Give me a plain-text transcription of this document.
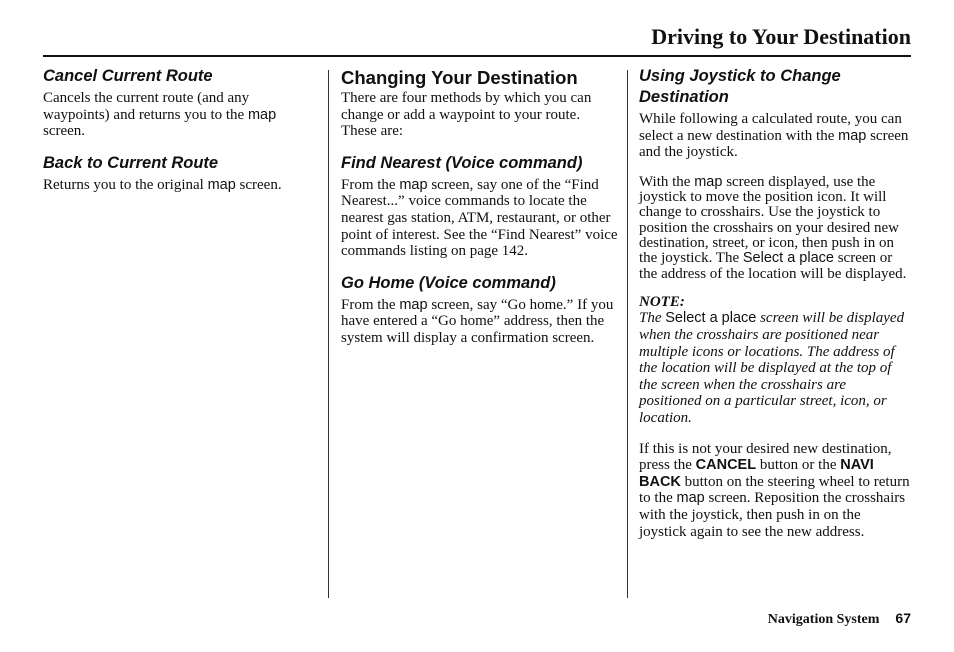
Driving to Your Destination
Cancel Current Route

Cancels the current route (and any waypoints) and returns you to the map screen.

Back to Current Route

Returns you to the original map screen.

Changing Your Destination

There are four methods by which you can change or add a waypoint to your route. These are:

Find Nearest (Voice command)

From the map screen, say one of the “Find Nearest...” voice commands to locate the nearest gas station, ATM, restaurant, or other point of interest. See the “Find Nearest” voice commands listing on page 142.

Go Home (Voice command)

From the map screen, say “Go home.” If you have entered a “Go home” address, then the system will display a confirmation screen.

Using Joystick to Change Destination

While following a calculated route, you can select a new destination with the map screen and the joystick.

With the map screen displayed, use the joystick to move the position icon. It will change to crosshairs. Use the joystick to position the crosshairs on your desired new destination, street, or icon, then push in on the joystick. The Select a place screen or the address of the location will be displayed.

NOTE:

The Select a place screen will be displayed when the crosshairs are positioned near multiple icons or locations. The address of the location will be displayed at the top of the screen when the crosshairs are positioned on a particular street, icon, or location.

If this is not your desired new destination, press the CANCEL button or the NAVI BACK button on the steering wheel to return to the map screen. Reposition the crosshairs with the joystick, then push in on the joystick again to see the new address.

Navigation System 67
